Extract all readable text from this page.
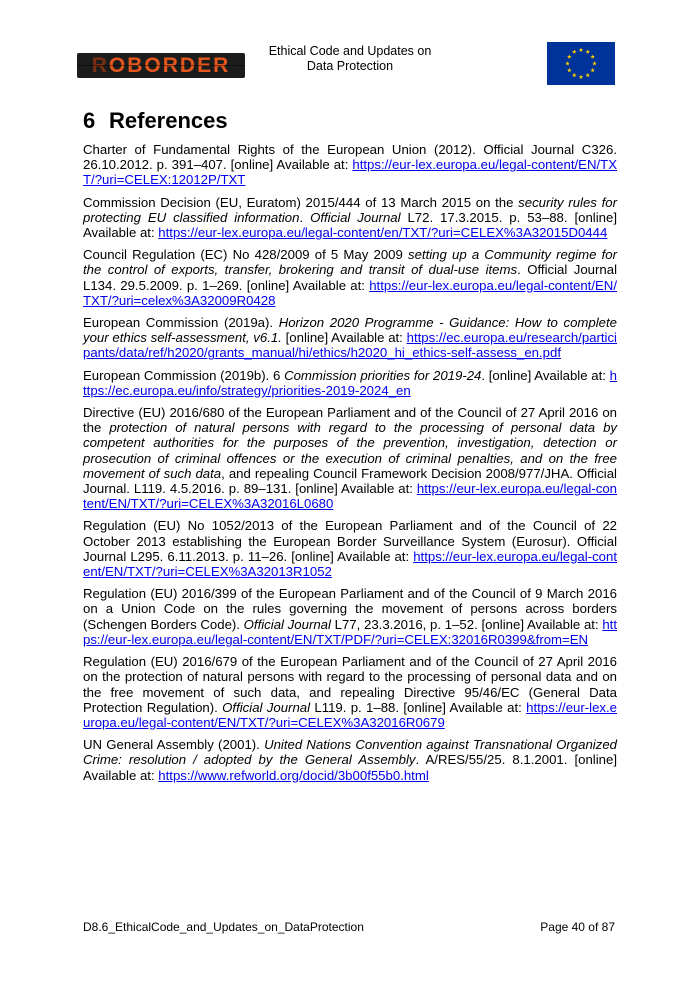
ROBORDER
Ethical Code and Updates on
Data Protection
6 References

Charter of Fundamental Rights of the European Union (2012). Official Journal C326. 26.10.2012. p. 391–407. [online] Available at: https://eur-lex.europa.eu/legal-content/EN/TXT/?uri=CELEX:12012P/TXT

Commission Decision (EU, Euratom) 2015/444 of 13 March 2015 on the security rules for protecting EU classified information. Official Journal L72. 17.3.2015. p. 53–88. [online] Available at: https://eur-lex.europa.eu/legal-content/en/TXT/?uri=CELEX%3A32015D0444

Council Regulation (EC) No 428/2009 of 5 May 2009 setting up a Community regime for the control of exports, transfer, brokering and transit of dual-use items. Official Journal L134. 29.5.2009. p. 1–269. [online] Available at: https://eur-lex.europa.eu/legal-content/EN/TXT/?uri=celex%3A32009R0428

European Commission (2019a). Horizon 2020 Programme - Guidance: How to complete your ethics self-assessment, v6.1. [online] Available at: https://ec.europa.eu/research/participants/data/ref/h2020/grants_manual/hi/ethics/h2020_hi_ethics-self-assess_en.pdf

European Commission (2019b). 6 Commission priorities for 2019-24. [online] Available at: https://ec.europa.eu/info/strategy/priorities-2019-2024_en

Directive (EU) 2016/680 of the European Parliament and of the Council of 27 April 2016 on the protection of natural persons with regard to the processing of personal data by competent authorities for the purposes of the prevention, investigation, detection or prosecution of criminal offences or the execution of criminal penalties, and on the free movement of such data, and repealing Council Framework Decision 2008/977/JHA. Official Journal. L119. 4.5.2016. p. 89–131. [online] Available at: https://eur-lex.europa.eu/legal-content/EN/TXT/?uri=CELEX%3A32016L0680

Regulation (EU) No 1052/2013 of the European Parliament and of the Council of 22 October 2013 establishing the European Border Surveillance System (Eurosur). Official Journal L295. 6.11.2013. p. 11–26. [online] Available at: https://eur-lex.europa.eu/legal-content/EN/TXT/?uri=CELEX%3A32013R1052

Regulation (EU) 2016/399 of the European Parliament and of the Council of 9 March 2016 on a Union Code on the rules governing the movement of persons across borders (Schengen Borders Code). Official Journal L77, 23.3.2016, p. 1–52. [online] Available at: https://eur-lex.europa.eu/legal-content/EN/TXT/PDF/?uri=CELEX:32016R0399&from=EN

Regulation (EU) 2016/679 of the European Parliament and of the Council of 27 April 2016 on the protection of natural persons with regard to the processing of personal data and on the free movement of such data, and repealing Directive 95/46/EC (General Data Protection Regulation). Official Journal L119. p. 1–88. [online] Available at: https://eur-lex.europa.eu/legal-content/EN/TXT/?uri=CELEX%3A32016R0679

UN General Assembly (2001). United Nations Convention against Transnational Organized Crime: resolution / adopted by the General Assembly. A/RES/55/25. 8.1.2001. [online] Available at: https://www.refworld.org/docid/3b00f55b0.html

D8.6_EthicalCode_and_Updates_on_DataProtection	Page 40 of 87
